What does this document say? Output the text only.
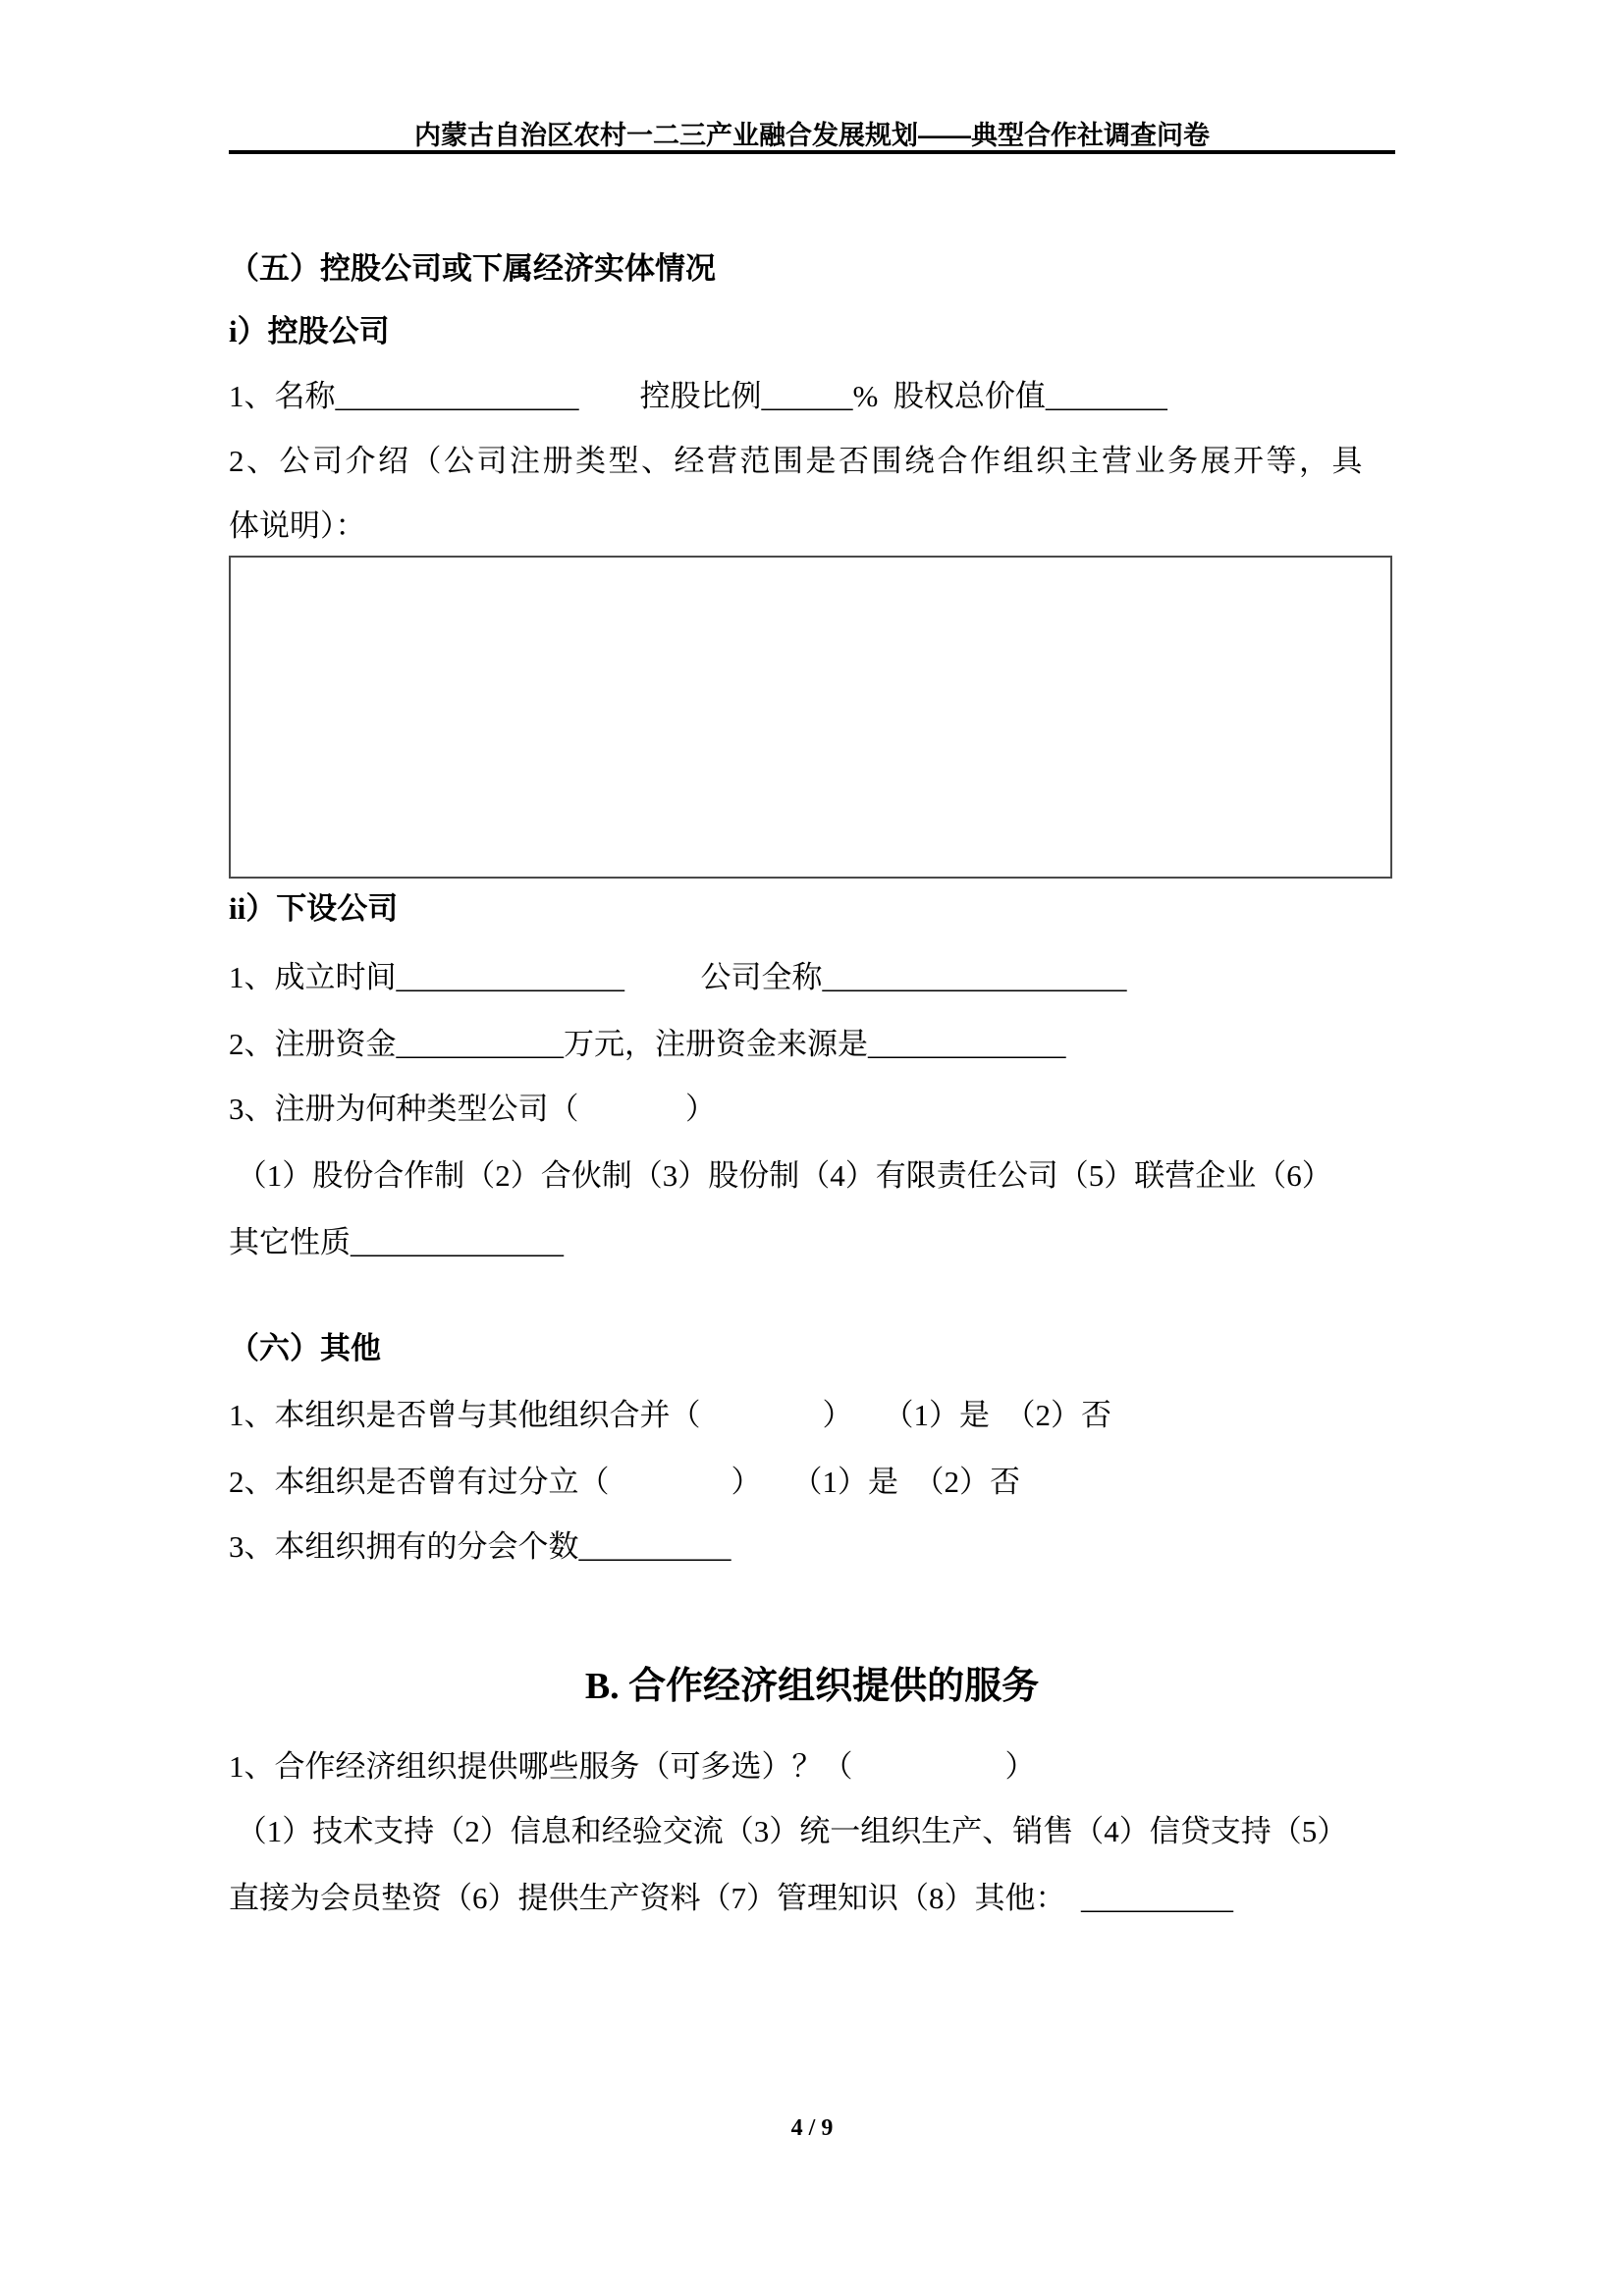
内蒙古自治区农村一二三产业融合发展规划——典型合作社调查问卷
（五）控股公司或下属经济实体情况
i）控股公司
1、名称________________        控股比例______%  股权总价值________
2、公司介绍（公司注册类型、经营范围是否围绕合作组织主营业务展开等，具
体说明）：
ii）下设公司
1、成立时间_______________          公司全称____________________
2、注册资金___________万元，注册资金来源是_____________
3、注册为何种类型公司（              ）
（1）股份合作制（2）合伙制（3）股份制（4）有限责任公司（5）联营企业（6）
其它性质______________
（六）其他
1、本组织是否曾与其他组织合并（                ）    （1）是  （2）否
2、本组织是否曾有过分立（                ）    （1）是  （2）否
3、本组织拥有的分会个数__________
B. 合作经济组织提供的服务
1、合作经济组织提供哪些服务（可多选）？（                    ）
（1）技术支持（2）信息和经验交流（3）统一组织生产、销售（4）信贷支持（5）
直接为会员垫资（6）提供生产资料（7）管理知识（8）其他：  __________
4 / 9
